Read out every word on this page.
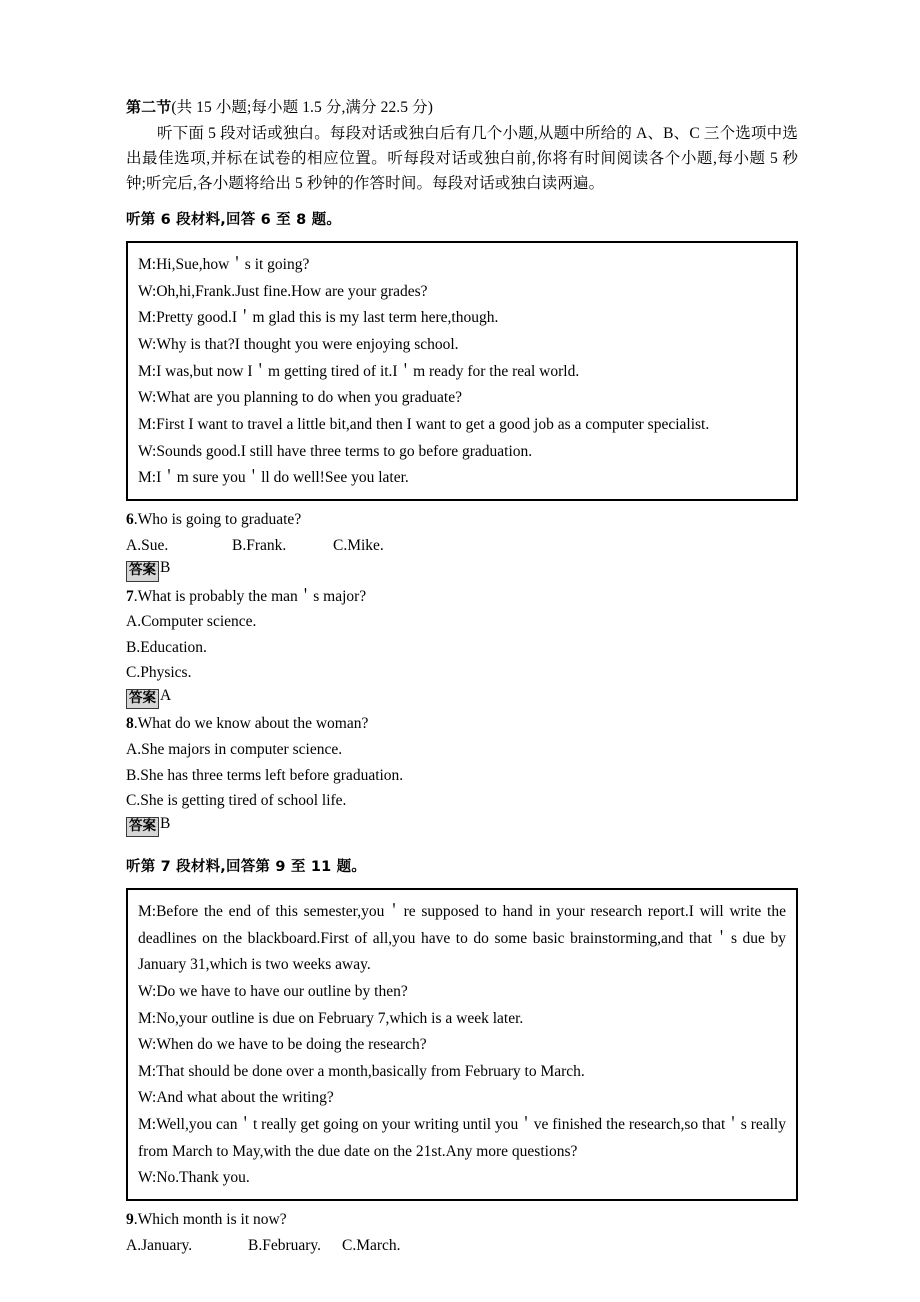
第二节(共 15 小题;每小题 1.5 分,满分 22.5 分)

听下面 5 段对话或独白。每段对话或独白后有几个小题,从题中所给的 A、B、C 三个选项中选出最佳选项,并标在试卷的相应位置。听每段对话或独白前,你将有时间阅读各个小题,每小题 5 秒钟;听完后,各小题将给出 5 秒钟的作答时间。每段对话或独白读两遍。

听第 6 段材料,回答 6 至 8 题。

M:Hi,Sue,how＇s it going?

W:Oh,hi,Frank.Just fine.How are your grades?

M:Pretty good.I＇m glad this is my last term here,though.

W:Why is that?I thought you were enjoying school.

M:I was,but now I＇m getting tired of it.I＇m ready for the real world.

W:What are you planning to do when you graduate?

M:First I want to travel a little bit,and then I want to get a good job as a computer specialist.

W:Sounds good.I still have three terms to go before graduation.

M:I＇m sure you＇ll do well!See you later.

6.Who is going to graduate?

A.Sue.	B.Frank.	C.Mike.
答案 B

7.What is probably the man＇s major?

A.Computer science.

B.Education.

C.Physics.

答案 A

8.What do we know about the woman?

A.She majors in computer science.

B.She has three terms left before graduation.

C.She is getting tired of school life.

答案 B
听第 7 段材料,回答第 9 至 11 题。

M:Before the end of this semester,you＇re supposed to hand in your research report.I will write the deadlines on the blackboard.First of all,you have to do some basic brainstorming,and that＇s due by January 31,which is two weeks away.

W:Do we have to have our outline by then?

M:No,your outline is due on February 7,which is a week later.

W:When do we have to be doing the research?

M:That should be done over a month,basically from February to March.

W:And what about the writing?

M:Well,you can＇t really get going on your writing until you＇ve finished the research,so that＇s really from March to May,with the due date on the 21st.Any more questions?

W:No.Thank you.

9.Which month is it now?

A.January.	B.February. C.March.
